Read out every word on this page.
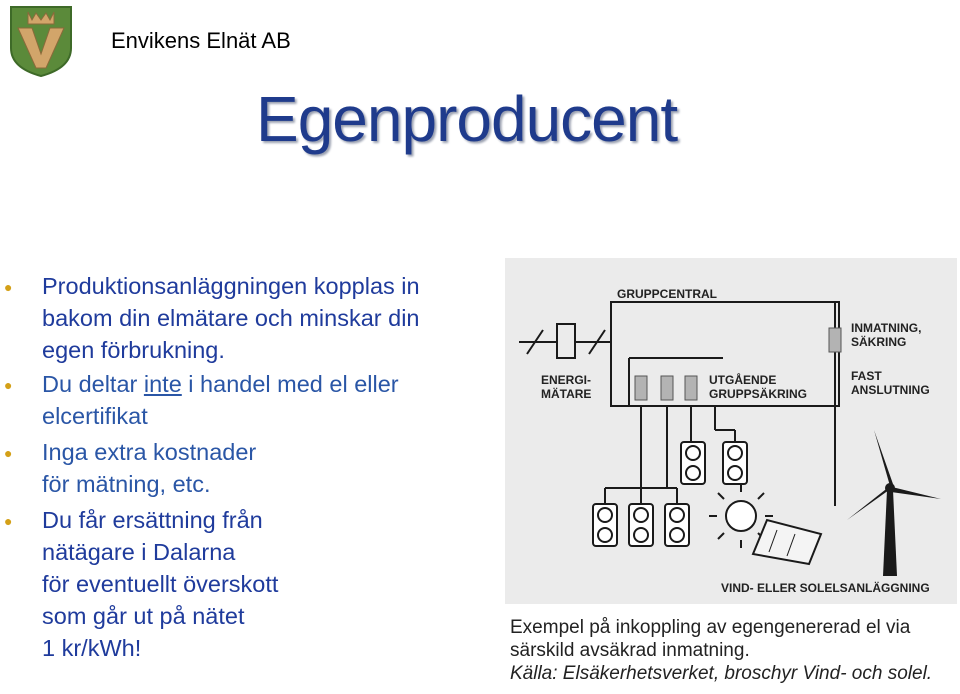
Envikens Elnät AB
Egenproducent

● Produktionsanläggningen kopplas in
bakom din elmätare och minskar din
egen förbrukning.

● Du deltar inte i handel med el eller
elcertifikat

● Inga extra kostnader
för mätning, etc.

● Du får ersättning från
nätägare i Dalarna
för eventuellt överskott
som går ut på nätet
1 kr/kWh!

GRUPPCENTRAL
INMATNING,
SÄKRING
ENERGI-
MÄTARE
UTGÅENDE
GRUPPSÄKRING
FAST
ANSLUTNING
VIND- ELLER SOLELSANLÄGGNING
Exempel på inkoppling av egengenererad el via
särskild avsäkrad inmatning.
Källa: Elsäkerhetsverket, broschyr Vind- och solel.
